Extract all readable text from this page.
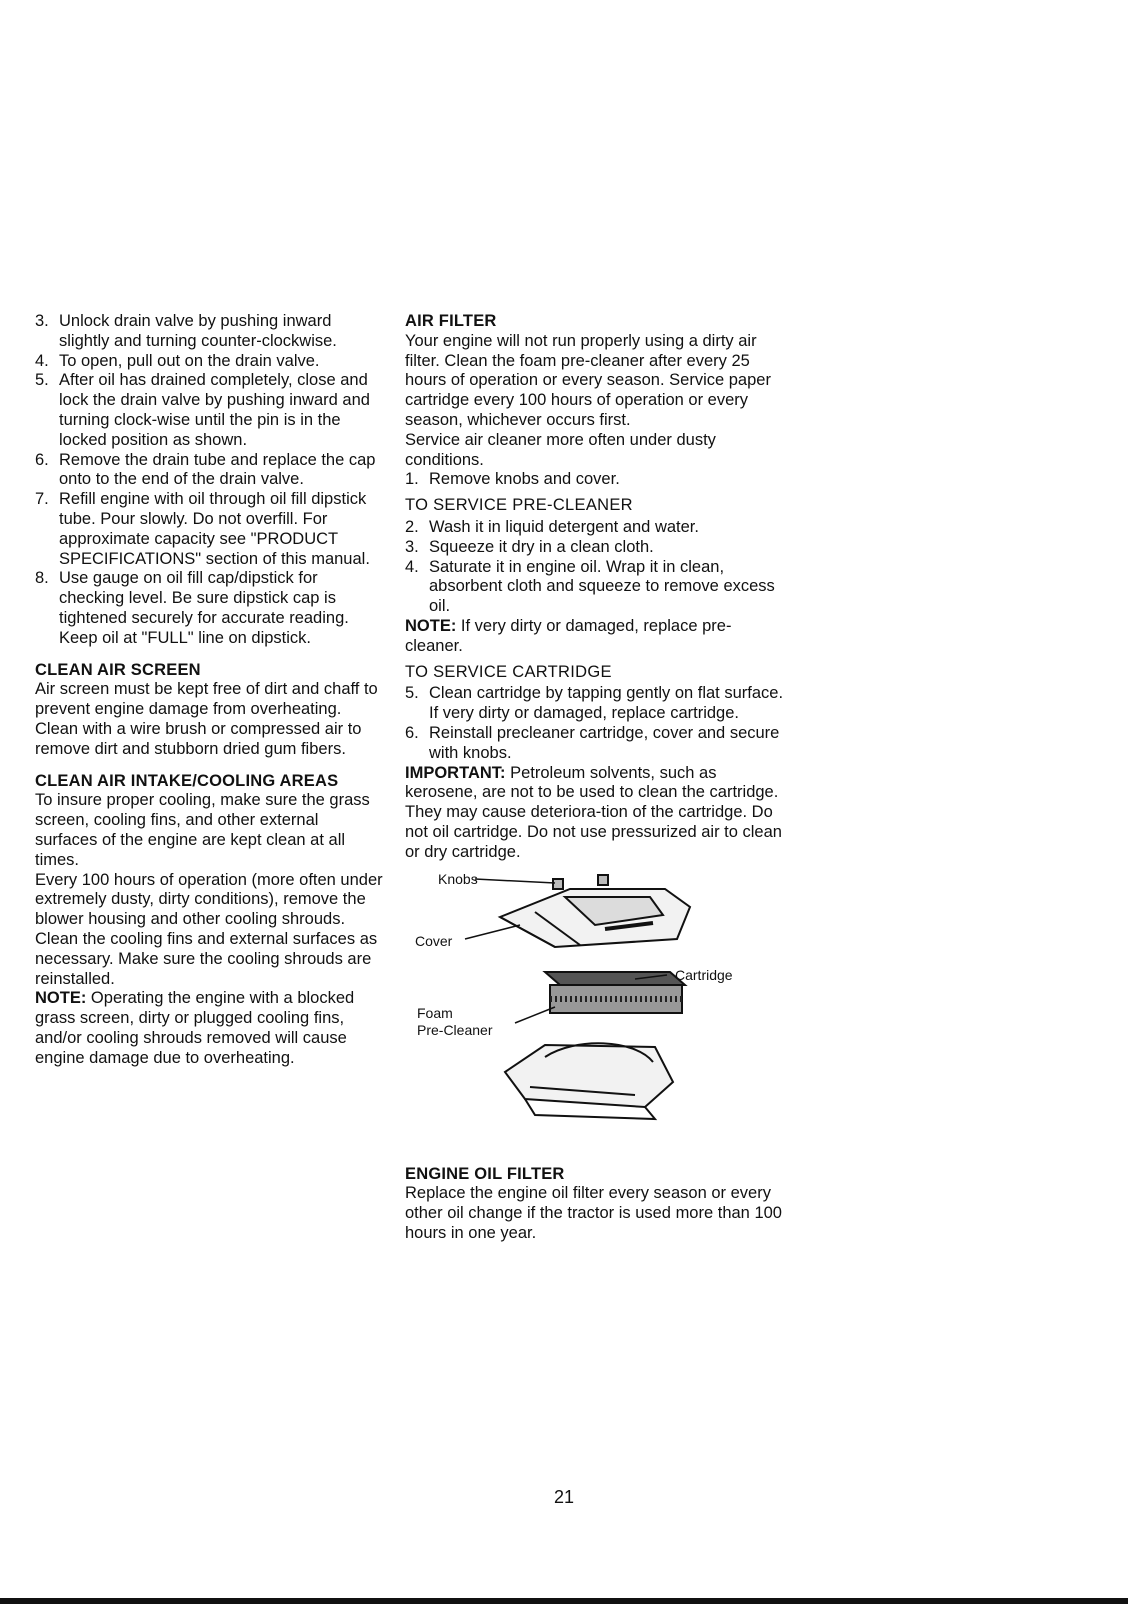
3. Unlock drain valve by pushing inward slightly and turning counter-clockwise.
4. To open, pull out on the drain valve.
5. After oil has drained completely, close and lock the drain valve by pushing inward and turning clock-wise until the pin is in the locked position as shown.
6. Remove the drain tube and replace the cap onto to the end of the drain valve.
7. Refill engine with oil through oil fill dipstick tube. Pour slowly. Do not overfill. For approximate capacity see "PRODUCT SPECIFICATIONS" section of this manual.
8. Use gauge on oil fill cap/dipstick for checking level. Be sure dipstick cap is tightened securely for accurate reading. Keep oil at "FULL" line on dipstick.
CLEAN AIR SCREEN

Air screen must be kept free of dirt and chaff to prevent engine damage from overheating. Clean with a wire brush or compressed air to remove dirt and stubborn dried gum fibers.

CLEAN AIR INTAKE/COOLING AREAS

To insure proper cooling, make sure the grass screen, cooling fins, and other external surfaces of the engine are kept clean at all times.

Every 100 hours of operation (more often under extremely dusty, dirty conditions), remove the blower housing and other cooling shrouds. Clean the cooling fins and external surfaces as necessary. Make sure the cooling shrouds are reinstalled.

NOTE: Operating the engine with a blocked grass screen, dirty or plugged cooling fins, and/or cooling shrouds removed will cause engine damage due to overheating.

AIR FILTER

Your engine will not run properly using a dirty air filter. Clean the foam pre-cleaner after every 25 hours of operation or every season. Service paper cartridge every 100 hours of operation or every season, whichever occurs first.

Service air cleaner more often under dusty conditions.

1. Remove knobs and cover.

TO SERVICE PRE-CLEANER

2. Wash it in liquid detergent and water.
3. Squeeze it dry in a clean cloth.
4. Saturate it in engine oil. Wrap it in clean, absorbent cloth and squeeze to remove excess oil.

NOTE: If very dirty or damaged, replace pre-cleaner.

TO SERVICE CARTRIDGE

5. Clean cartridge by tapping gently on flat surface. If very dirty or damaged, replace cartridge.
6. Reinstall precleaner cartridge, cover and secure with knobs.

IMPORTANT: Petroleum solvents, such as kerosene, are not to be used to clean the cartridge. They may cause deteriora-tion of the cartridge. Do not oil cartridge. Do not use pressurized air to clean or dry cartridge.

Knobs
Cover
Cartridge
Foam
Pre-Cleaner
ENGINE OIL FILTER

Replace the engine oil filter every season or every other oil change if the tractor is used more than 100 hours in one year.

21
